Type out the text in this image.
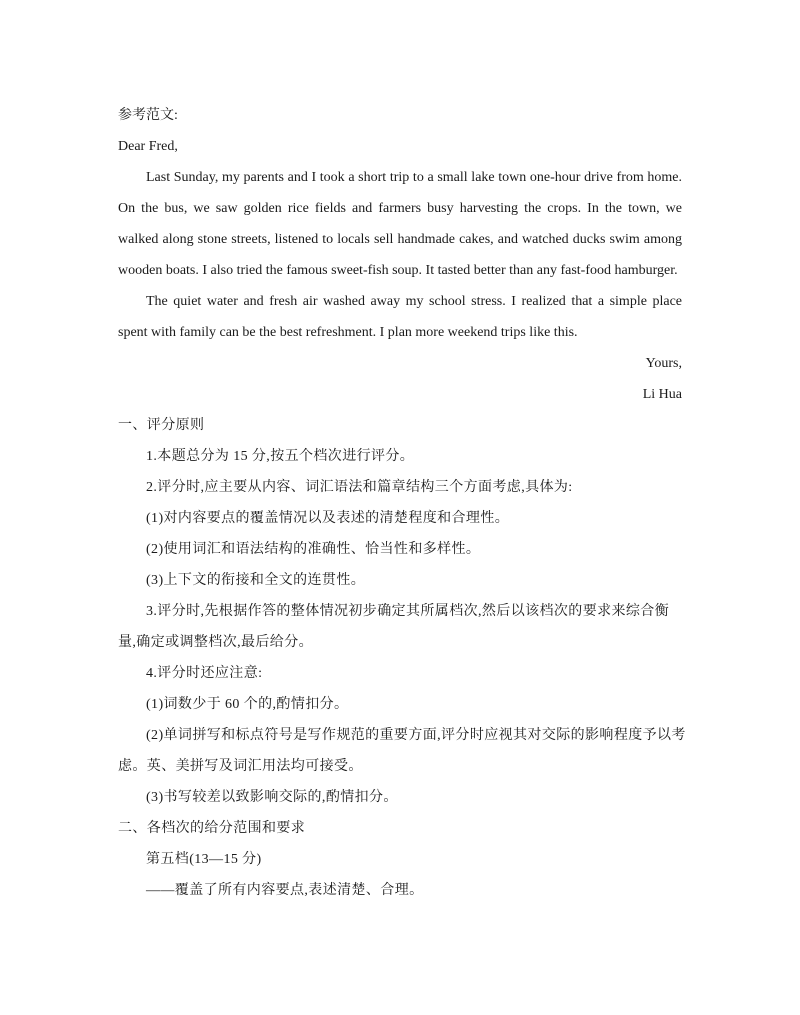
参考范文:

Dear Fred,

Last Sunday, my parents and I took a short trip to a small lake town one-hour drive from home. On the bus, we saw golden rice fields and farmers busy harvesting the crops. In the town, we walked along stone streets, listened to locals sell handmade cakes, and watched ducks swim among wooden boats. I also tried the famous sweet-fish soup. It tasted better than any fast-food hamburger.

The quiet water and fresh air washed away my school stress. I realized that a simple place spent with family can be the best refreshment. I plan more weekend trips like this.

Yours,

Li Hua

一、评分原则

1.本题总分为 15 分,按五个档次进行评分。

2.评分时,应主要从内容、词汇语法和篇章结构三个方面考虑,具体为:

(1)对内容要点的覆盖情况以及表述的清楚程度和合理性。

(2)使用词汇和语法结构的准确性、恰当性和多样性。

(3)上下文的衔接和全文的连贯性。

3.评分时,先根据作答的整体情况初步确定其所属档次,然后以该档次的要求来综合衡量,确定或调整档次,最后给分。

4.评分时还应注意:

(1)词数少于 60 个的,酌情扣分。

(2)单词拼写和标点符号是写作规范的重要方面,评分时应视其对交际的影响程度予以考虑。英、美拼写及词汇用法均可接受。

(3)书写较差以致影响交际的,酌情扣分。

二、各档次的给分范围和要求

第五档(13—15 分)

——覆盖了所有内容要点,表述清楚、合理。
